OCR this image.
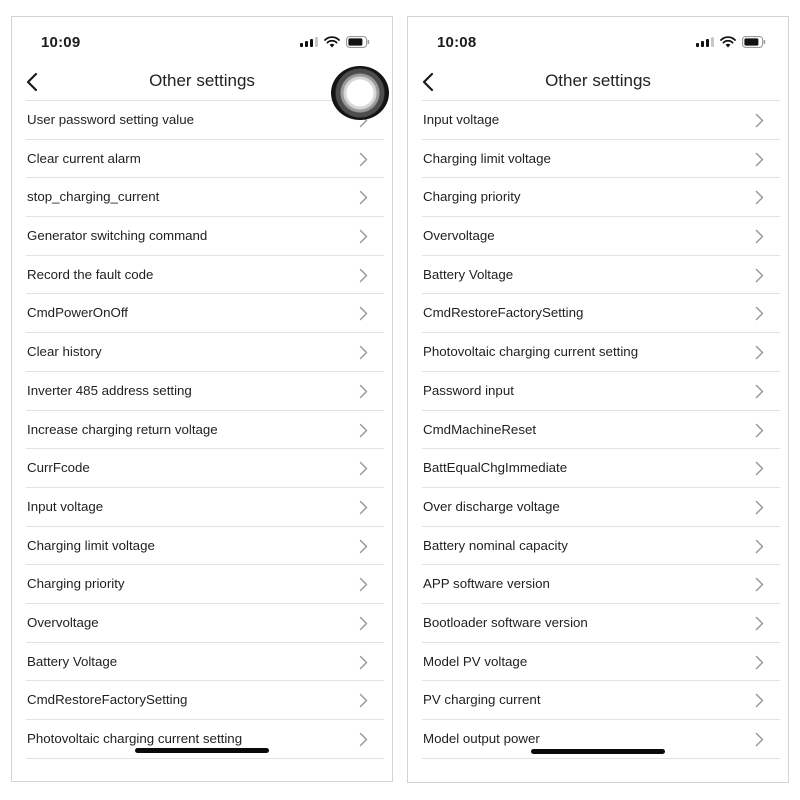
10:09
Other settings
User password setting value
Clear current alarm
stop_charging_current
Generator switching command
Record the fault code
CmdPowerOnOff
Clear history
Inverter 485 address setting
Increase charging return voltage
CurrFcode
Input voltage
Charging limit voltage
Charging priority
Overvoltage
Battery Voltage
CmdRestoreFactorySetting
Photovoltaic charging current setting
10:08
Other settings
Input voltage
Charging limit voltage
Charging priority
Overvoltage
Battery Voltage
CmdRestoreFactorySetting
Photovoltaic charging current setting
Password input
CmdMachineReset
BattEqualChgImmediate
Over discharge voltage
Battery nominal capacity
APP software version
Bootloader software version
Model PV voltage
PV charging current
Model output power
